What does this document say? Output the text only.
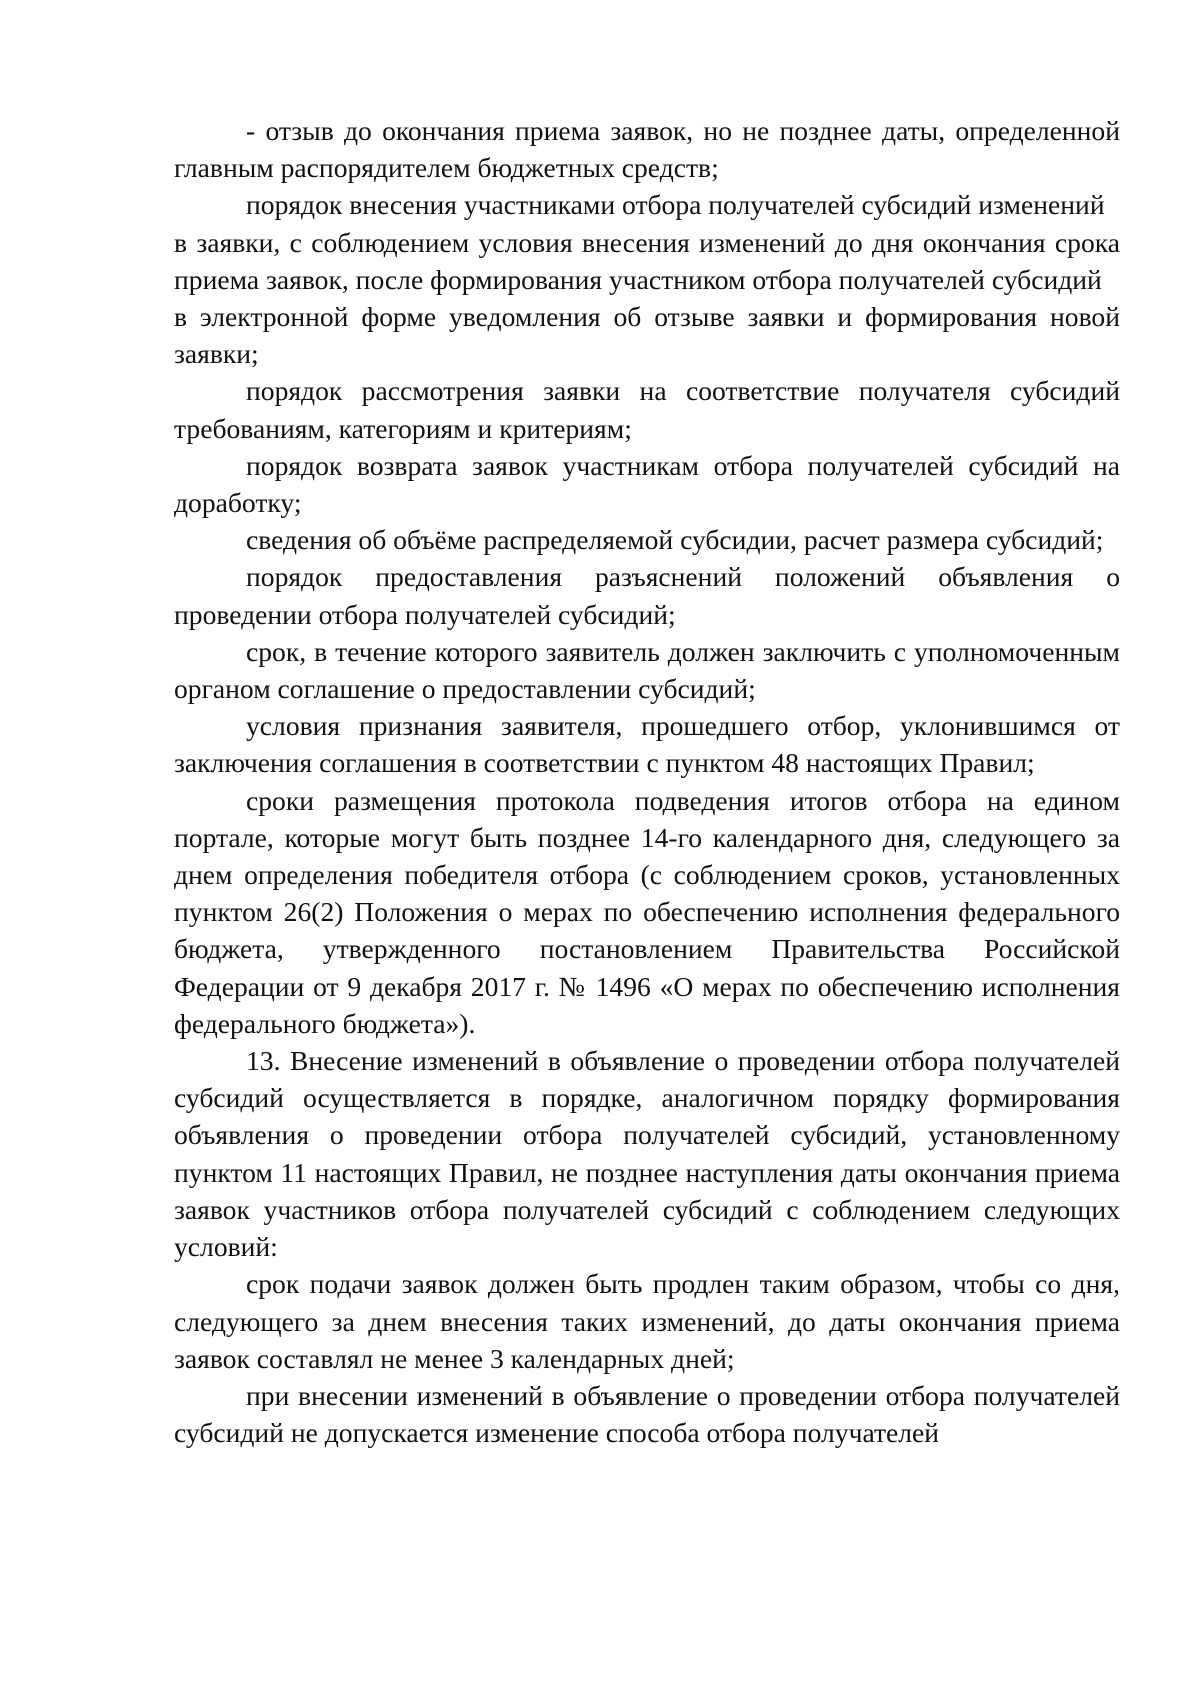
- отзыв до окончания приема заявок, но не позднее даты, определенной главным распорядителем бюджетных средств;

порядок внесения участниками отбора получателей субсидий изменений

в заявки, с соблюдением условия внесения изменений до дня окончания срока приема заявок, после формирования участником отбора получателей субсидий

в электронной форме уведомления об отзыве заявки и формирования новой заявки;

порядок рассмотрения заявки на соответствие получателя субсидий требованиям, категориям и критериям;

порядок возврата заявок участникам отбора получателей субсидий на доработку;

сведения об объёме распределяемой субсидии, расчет размера субсидий;

порядок предоставления разъяснений положений объявления о проведении отбора получателей субсидий;

срок, в течение которого заявитель должен заключить с уполномоченным органом соглашение о предоставлении субсидий;

условия признания заявителя, прошедшего отбор, уклонившимся от заключения соглашения в соответствии с пунктом 48 настоящих Правил;

сроки размещения протокола подведения итогов отбора на едином портале, которые могут быть позднее 14-го календарного дня, следующего за днем определения победителя отбора (с соблюдением сроков, установленных пунктом 26(2) Положения о мерах по обеспечению исполнения федерального бюджета, утвержденного постановлением Правительства Российской Федерации от 9 декабря 2017 г. № 1496 «О мерах по обеспечению исполнения федерального бюджета»).

13. Внесение изменений в объявление о проведении отбора получателей субсидий осуществляется в порядке, аналогичном порядку формирования объявления о проведении отбора получателей субсидий, установленному пунктом 11 настоящих Правил, не позднее наступления даты окончания приема заявок участников отбора получателей субсидий с соблюдением следующих условий:

срок подачи заявок должен быть продлен таким образом, чтобы со дня, следующего за днем внесения таких изменений, до даты окончания приема заявок составлял не менее 3 календарных дней;

при внесении изменений в объявление о проведении отбора получателей субсидий не допускается изменение способа отбора получателей
